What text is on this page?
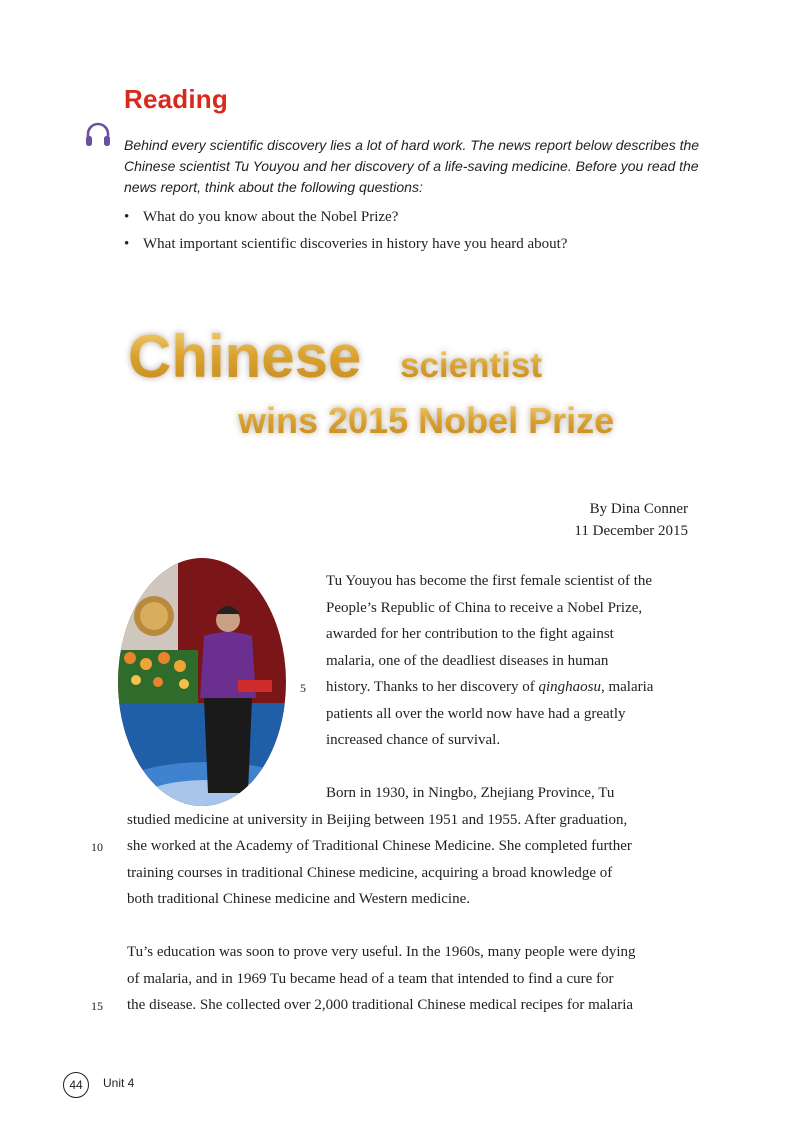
Reading

Behind every scientific discovery lies a lot of hard work. The news report below describes the

Chinese scientist Tu Youyou and her discovery of a life-saving medicine. Before you read the

news report, think about the following questions:

• What do you know about the Nobel Prize?
• What important scientific discoveries in history have you heard about?
Chinese scientist
wins 2015 Nobel Prize
By Dina Conner
11 December 2015
Tu Youyou has become the first female scientist of the
People’s Republic of China to receive a Nobel Prize,
awarded for her contribution to the fight against
malaria, one of the deadliest diseases in human
history. Thanks to her discovery of qinghaosu, malaria
patients all over the world now have had a greatly
increased chance of survival.
Born in 1930, in Ningbo, Zhejiang Province, Tu
studied medicine at university in Beijing between 1951 and 1955. After graduation,
she worked at the Academy of Traditional Chinese Medicine. She completed further
training courses in traditional Chinese medicine, acquiring a broad knowledge of
both traditional Chinese medicine and Western medicine.
Tu’s education was soon to prove very useful. In the 1960s, many people were dying
of malaria, and in 1969 Tu became head of a team that intended to find a cure for
the disease. She collected over 2,000 traditional Chinese medical recipes for malaria
5
10
15
44	Unit 4
